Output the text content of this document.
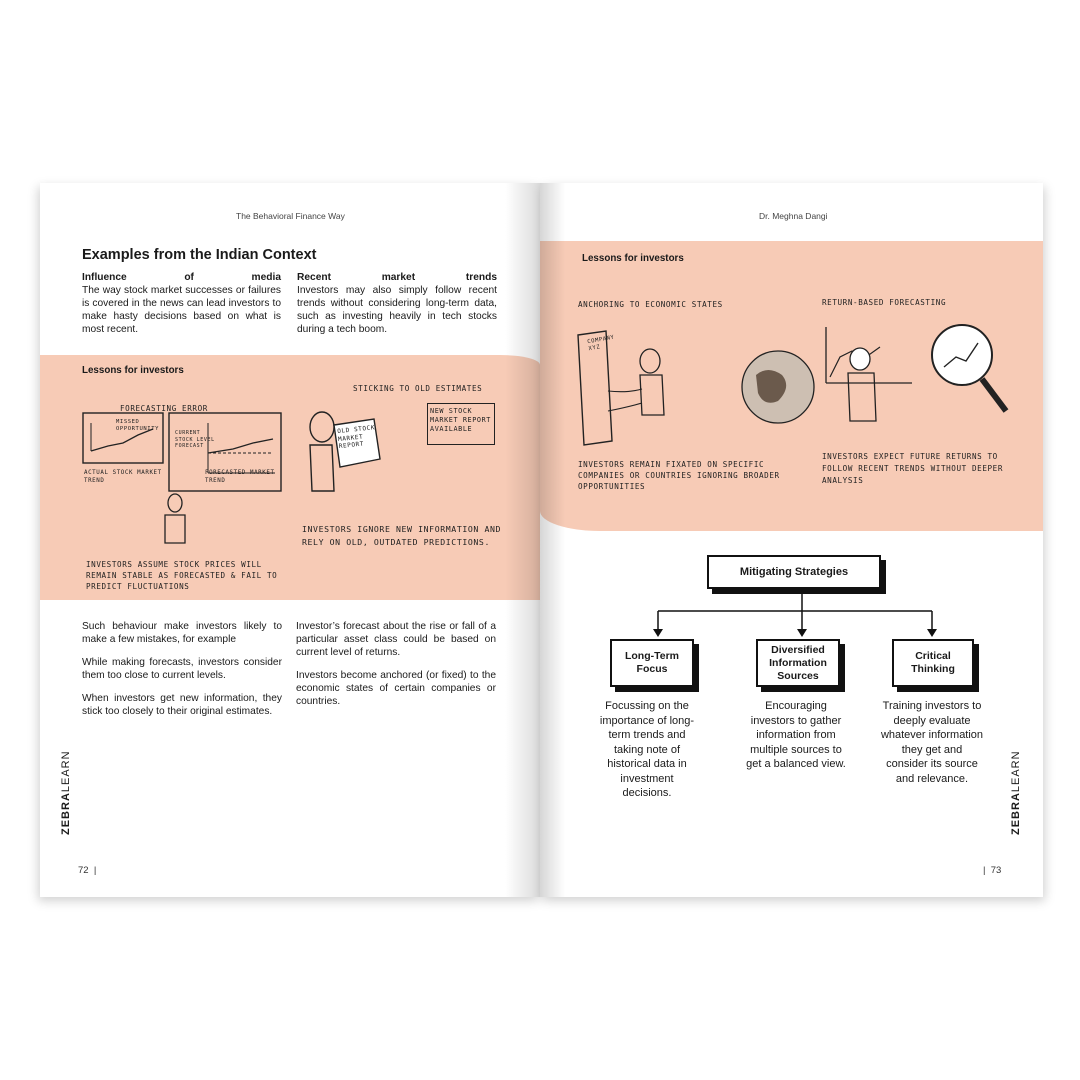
The Behavioral Finance Way
Examples from the Indian Context
Influence of media

The way stock market successes or failures is covered in the news can lead investors to make hasty decisions based on what is most recent.

Recent market trends

Investors may also simply follow recent trends without considering long-term data, such as investing heavily in tech stocks during a tech boom.

Lessons for investors
FORECASTING ERROR
MISSED OPPORTUNITY
ACTUAL STOCK MARKET TREND
CURRENT STOCK LEVEL FORECAST
FORECASTED MARKET TREND
STICKING TO OLD ESTIMATES
NEW STOCK MARKET REPORT AVAILABLE
OLD STOCK MARKET REPORT
INVESTORS ASSUME STOCK PRICES WILL REMAIN STABLE AS FORECASTED & FAIL TO PREDICT FLUCTUATIONS
INVESTORS IGNORE NEW INFORMATION AND RELY ON OLD, OUTDATED PREDICTIONS.

Such behaviour make investors likely to make a few mistakes, for example

While making forecasts, investors consider them too close to current levels.

When investors get new information, they stick too closely to their original estimates.

Investor’s forecast about the rise or fall of a particular asset class could be based on current level of returns.

Investors become anchored (or fixed) to the economic states of certain companies or countries.

ZEBRALEARN
72  |
Dr. Meghna Dangi
Lessons for investors
ANCHORING TO ECONOMIC STATES
COMPANY XYZ
INVESTORS REMAIN FIXATED ON SPECIFIC COMPANIES OR COUNTRIES IGNORING BROADER OPPORTUNITIES
RETURN-BASED FORECASTING
INVESTORS EXPECT FUTURE RETURNS TO FOLLOW RECENT TRENDS WITHOUT DEEPER ANALYSIS
Mitigating Strategies
Long-Term Focus
Diversified Information Sources
Critical Thinking
Focussing on the importance of long-term trends and taking note of historical data in investment decisions.
Encouraging investors to gather information from multiple sources to get a balanced view.
Training investors to deeply evaluate whatever information they get and consider its source and relevance.
ZEBRALEARN
|  73
